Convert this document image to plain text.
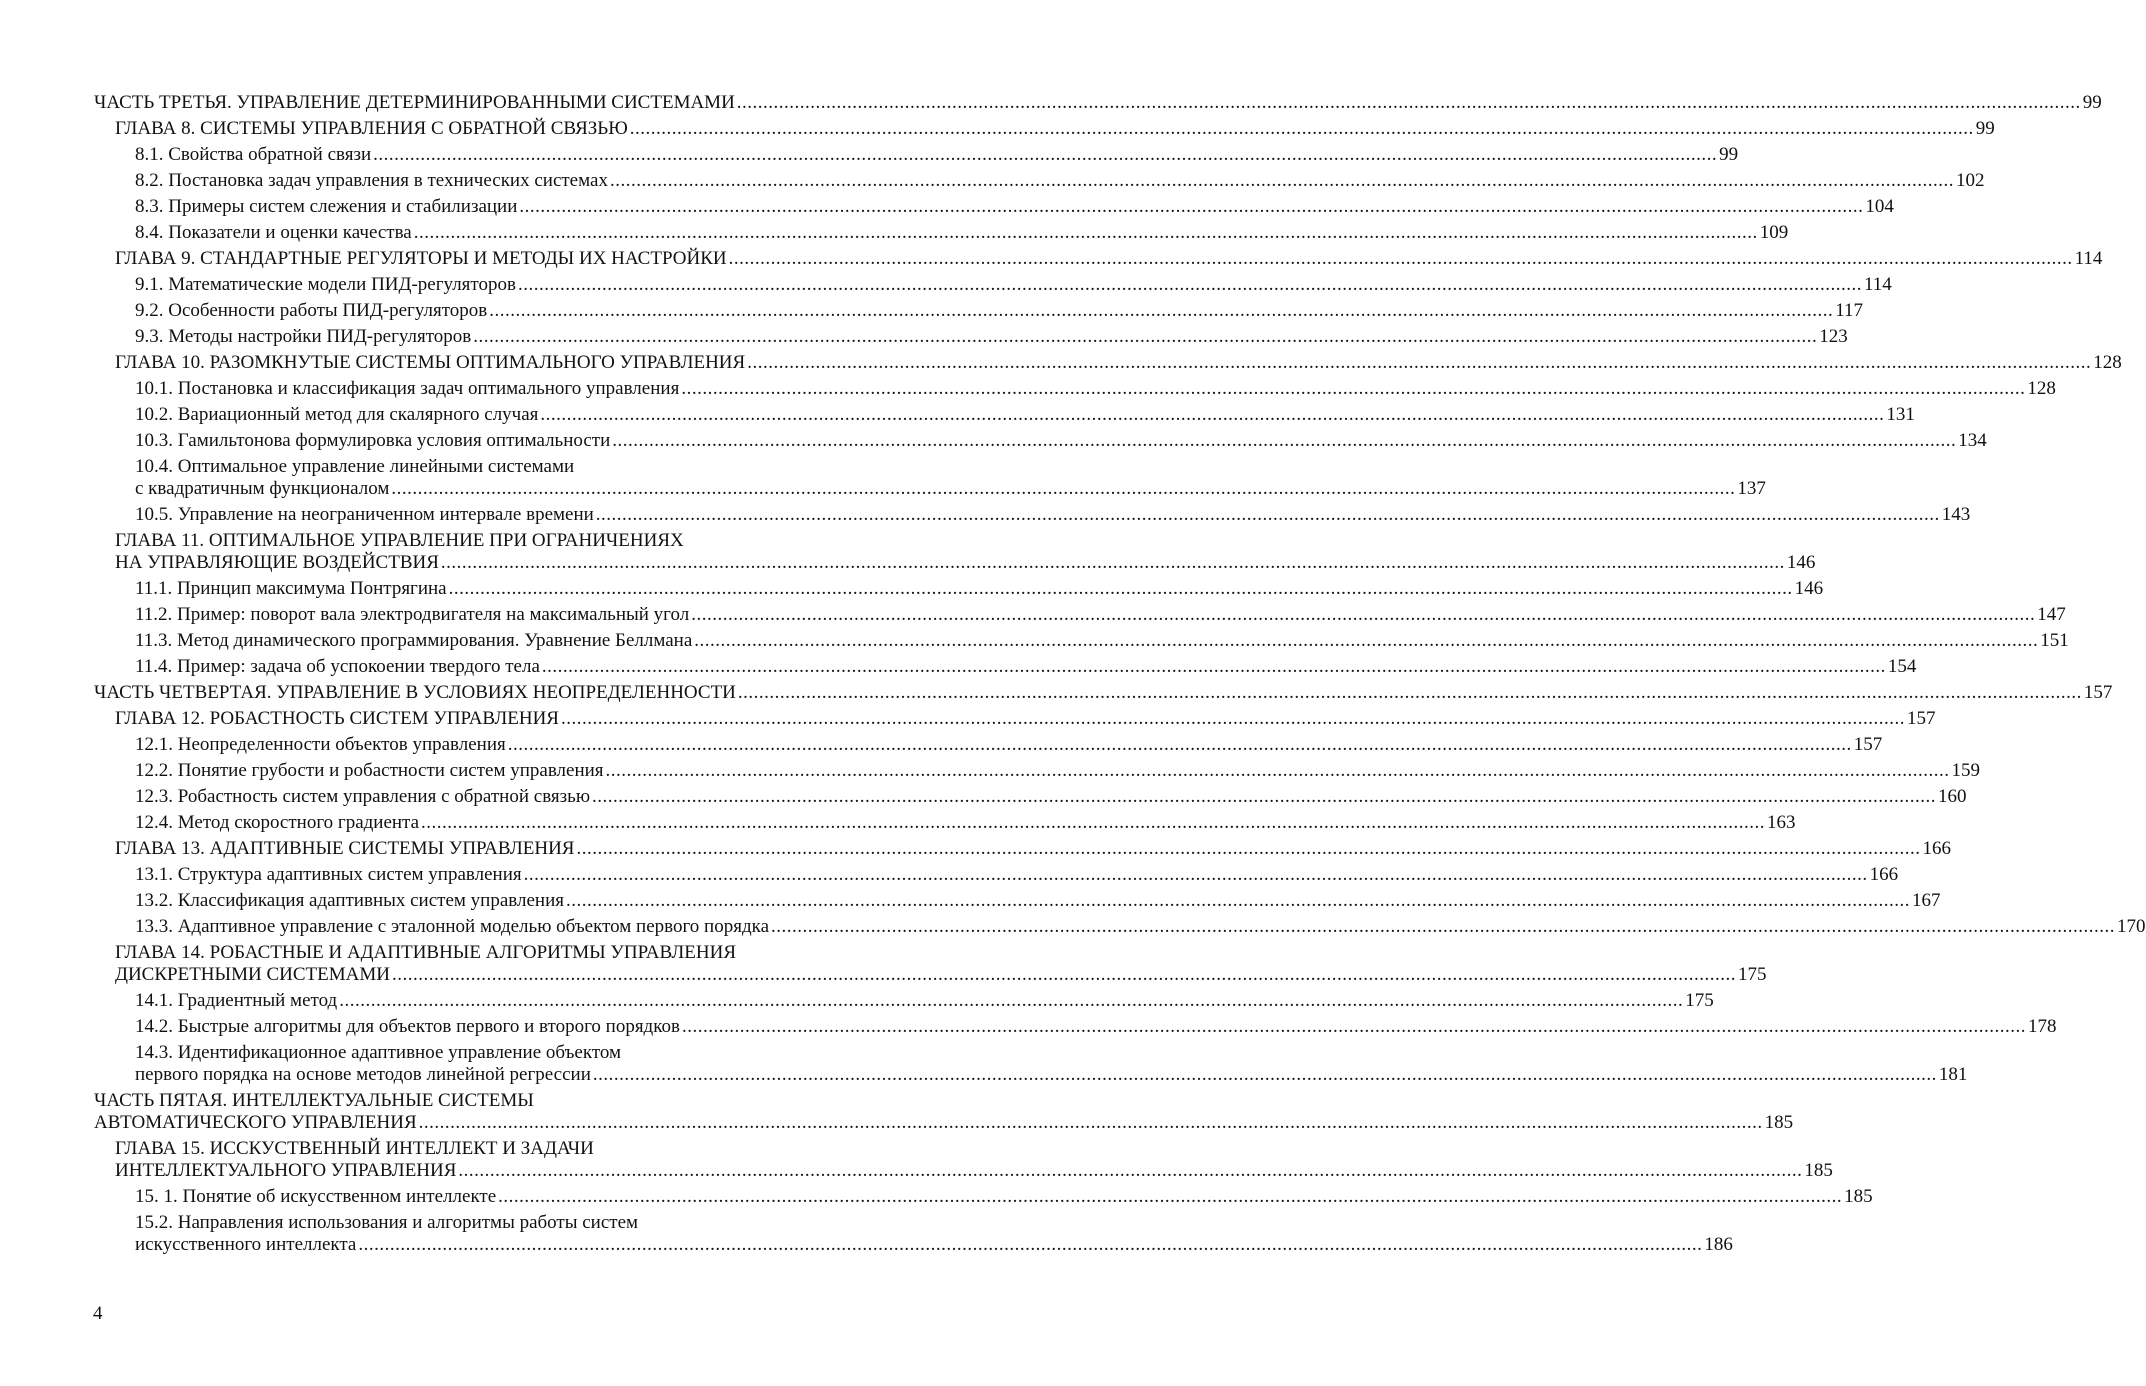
ЧАСТЬ ТРЕТЬЯ. УПРАВЛЕНИЕ ДЕТЕРМИНИРОВАННЫМИ СИСТЕМАМИ .....	99
ГЛАВА 8. СИСТЕМЫ УПРАВЛЕНИЯ С ОБРАТНОЙ СВЯЗЬЮ .....	99
8.1. Свойства обратной связи .....	99
8.2. Постановка задач управления в технических системах .....	102
8.3. Примеры систем слежения и стабилизации .....	104
8.4. Показатели и оценки качества .....	109
ГЛАВА 9. СТАНДАРТНЫЕ РЕГУЛЯТОРЫ И МЕТОДЫ ИХ НАСТРОЙКИ .....	114
9.1. Математические модели ПИД-регуляторов .....	114
9.2. Особенности работы ПИД-регуляторов .....	117
9.3. Методы настройки ПИД-регуляторов .....	123
ГЛАВА 10. РАЗОМКНУТЫЕ СИСТЕМЫ ОПТИМАЛЬНОГО УПРАВЛЕНИЯ .....	128
10.1. Постановка и классификация задач оптимального управления .....	128
10.2. Вариационный метод для скалярного случая .....	131
10.3. Гамильтонова формулировка условия оптимальности .....	134
10.4. Оптимальное управление линейными системами
с квадратичным функционалом .....	137
10.5. Управление на неограниченном интервале времени .....	143
ГЛАВА 11. ОПТИМАЛЬНОЕ УПРАВЛЕНИЕ ПРИ ОГРАНИЧЕНИЯХ
НА УПРАВЛЯЮЩИЕ ВОЗДЕЙСТВИЯ .....	146
11.1. Принцип максимума Понтрягина .....	146
11.2. Пример: поворот вала электродвигателя на максимальный угол .....	147
11.3. Метод динамического программирования. Уравнение Беллмана .....	151
11.4. Пример: задача об успокоении твердого тела .....	154
ЧАСТЬ ЧЕТВЕРТАЯ. УПРАВЛЕНИЕ В УСЛОВИЯХ НЕОПРЕДЕЛЕННОСТИ .....	157
ГЛАВА 12. РОБАСТНОСТЬ СИСТЕМ УПРАВЛЕНИЯ .....	157
12.1. Неопределенности объектов управления .....	157
12.2. Понятие грубости и робастности систем управления .....	159
12.3. Робастность систем управления с обратной связью .....	160
12.4. Метод скоростного градиента .....	163
ГЛАВА 13. АДАПТИВНЫЕ СИСТЕМЫ УПРАВЛЕНИЯ .....	166
13.1. Структура адаптивных систем управления .....	166
13.2. Классификация адаптивных систем управления .....	167
13.3. Адаптивное управление с эталонной моделью объектом первого порядка .....	170
ГЛАВА 14. РОБАСТНЫЕ И АДАПТИВНЫЕ АЛГОРИТМЫ УПРАВЛЕНИЯ
ДИСКРЕТНЫМИ СИСТЕМАМИ .....	175
14.1. Градиентный метод .....	175
14.2. Быстрые алгоритмы для объектов первого и второго порядков .....	178
14.3. Идентификационное адаптивное управление объектом
первого порядка на основе методов линейной регрессии .....	181
ЧАСТЬ ПЯТАЯ. ИНТЕЛЛЕКТУАЛЬНЫЕ СИСТЕМЫ
АВТОМАТИЧЕСКОГО УПРАВЛЕНИЯ .....	185
ГЛАВА 15. ИССКУСТВЕННЫЙ ИНТЕЛЛЕКТ И ЗАДАЧИ
ИНТЕЛЛЕКТУАЛЬНОГО УПРАВЛЕНИЯ .....	185
15. 1. Понятие об искусственном интеллекте .....	185
15.2. Направления использования и алгоритмы работы систем
искусственного интеллекта .....	186
4
